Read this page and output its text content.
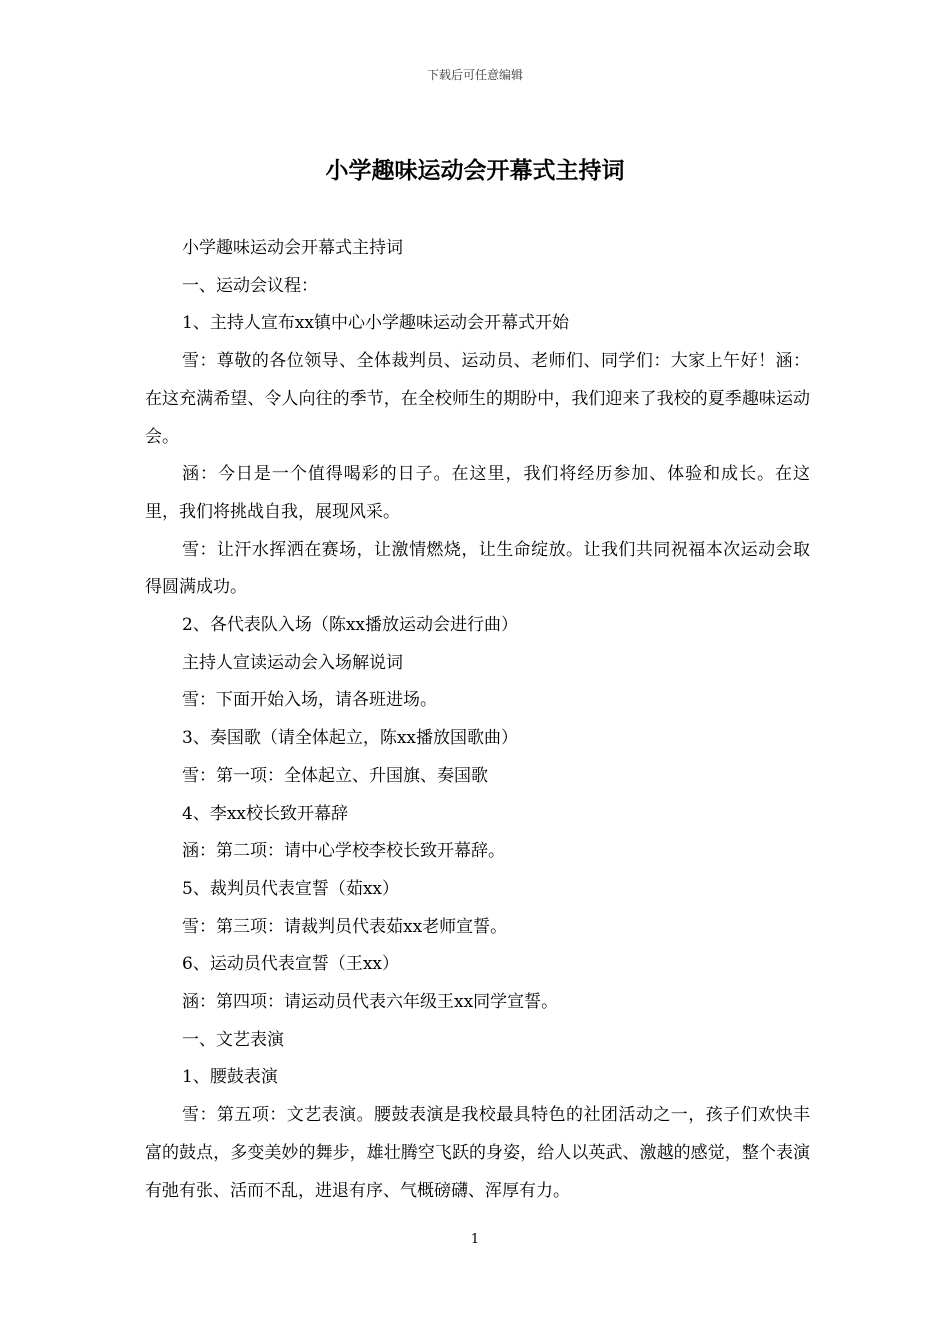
下载后可任意编辑
小学趣味运动会开幕式主持词

小学趣味运动会开幕式主持词

一、运动会议程：

1、主持人宣布xx镇中心小学趣味运动会开幕式开始

雪：尊敬的各位领导、全体裁判员、运动员、老师们、同学们：大家上午好！涵：在这充满希望、令人向往的季节，在全校师生的期盼中，我们迎来了我校的夏季趣味运动会。

涵：今日是一个值得喝彩的日子。在这里，我们将经历参加、体验和成长。在这里，我们将挑战自我，展现风采。

雪：让汗水挥洒在赛场，让激情燃烧，让生命绽放。让我们共同祝福本次运动会取得圆满成功。

2、各代表队入场（陈xx播放运动会进行曲）

主持人宣读运动会入场解说词

雪：下面开始入场，请各班进场。

3、奏国歌（请全体起立，陈xx播放国歌曲）

雪：第一项：全体起立、升国旗、奏国歌

4、李xx校长致开幕辞

涵：第二项：请中心学校李校长致开幕辞。

5、裁判员代表宣誓（茹xx）

雪：第三项：请裁判员代表茹xx老师宣誓。

6、运动员代表宣誓（王xx）

涵：第四项：请运动员代表六年级王xx同学宣誓。

一、文艺表演

1、腰鼓表演

雪：第五项：文艺表演。腰鼓表演是我校最具特色的社团活动之一，孩子们欢快丰富的鼓点，多变美妙的舞步，雄壮腾空飞跃的身姿，给人以英武、激越的感觉，整个表演有弛有张、活而不乱，进退有序、气概磅礴、浑厚有力。

1
